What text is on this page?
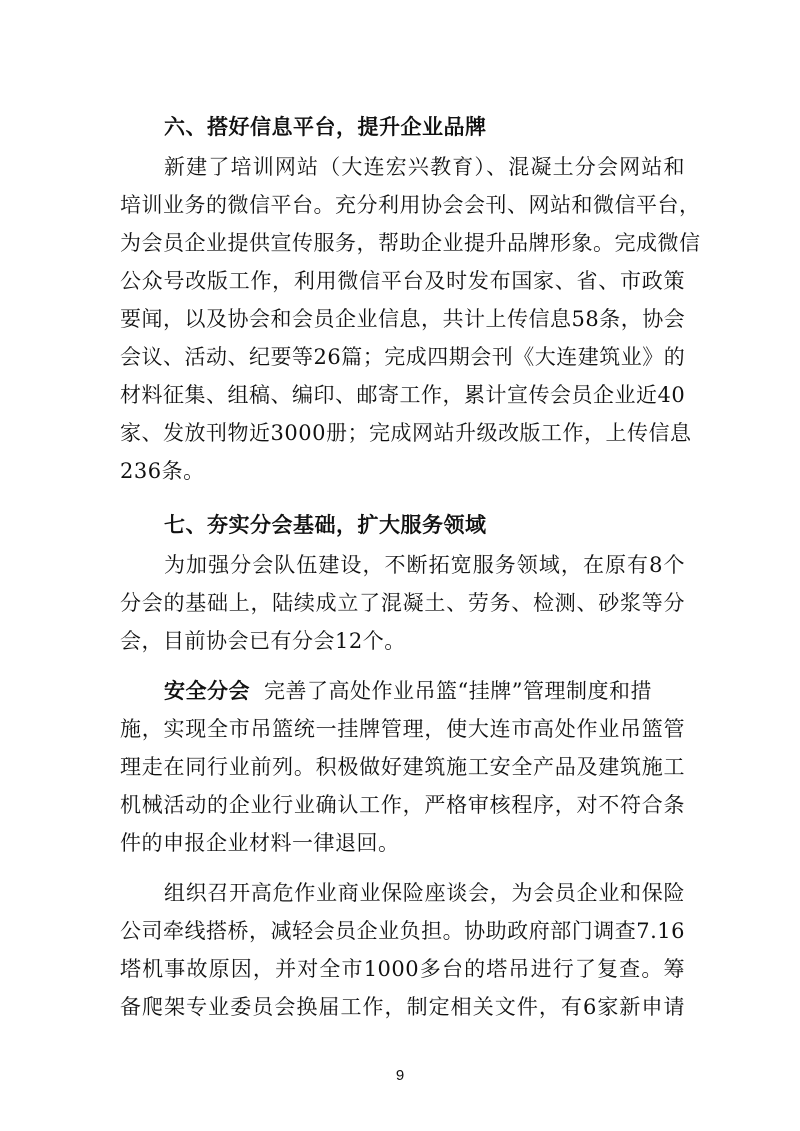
六、搭好信息平台，提升企业品牌
新建了培训网站（大连宏兴教育）、混凝土分会网站和
培训业务的微信平台。充分利用协会会刊、网站和微信平台，
为会员企业提供宣传服务，帮助企业提升品牌形象。完成微信
公众号改版工作，利用微信平台及时发布国家、省、市政策
要闻，以及协会和会员企业信息，共计上传信息58条，协会
会议、活动、纪要等26篇；完成四期会刊《大连建筑业》的
材料征集、组稿、编印、邮寄工作，累计宣传会员企业近40
家、发放刊物近3000册；完成网站升级改版工作，上传信息
236条。
七、夯实分会基础，扩大服务领域
为加强分会队伍建设，不断拓宽服务领域，在原有8个
分会的基础上，陆续成立了混凝土、劳务、检测、砂浆等分
会，目前协会已有分会12个。
安全分会 完善了高处作业吊篮“挂牌”管理制度和措
施，实现全市吊篮统一挂牌管理，使大连市高处作业吊篮管
理走在同行业前列。积极做好建筑施工安全产品及建筑施工
机械活动的企业行业确认工作，严格审核程序，对不符合条
件的申报企业材料一律退回。
组织召开高危作业商业保险座谈会，为会员企业和保险
公司牵线搭桥，减轻会员企业负担。协助政府部门调查7.16
塔机事故原因，并对全市1000多台的塔吊进行了复查。筹
备爬架专业委员会换届工作，制定相关文件，有6家新申请
9
